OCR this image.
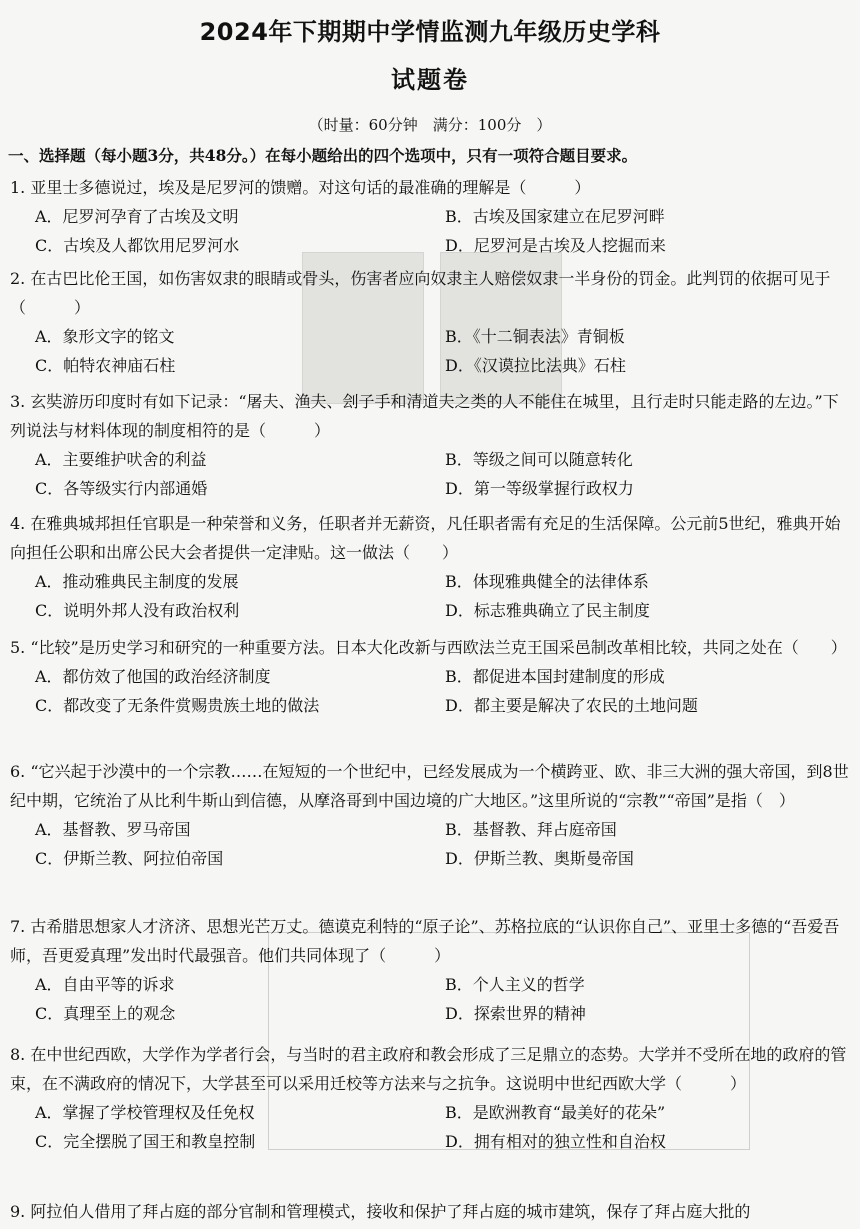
2024年下期期中学情监测九年级历史学科
试题卷
（时量：60分钟　满分：100分　）
一、选择题（每小题3分，共48分。）在每小题给出的四个选项中，只有一项符合题目要求。
1. 亚里士多德说过，埃及是尼罗河的馈赠。对这句话的最准确的理解是（　　　）
A．尼罗河孕育了古埃及文明	B．古埃及国家建立在尼罗河畔
C．古埃及人都饮用尼罗河水	D．尼罗河是古埃及人挖掘而来
2. 在古巴比伦王国，如伤害奴隶的眼睛或骨头，伤害者应向奴隶主人赔偿奴隶一半身份的罚金。此判罚的依据可见于（　　　）
A．象形文字的铭文	B．《十二铜表法》青铜板
C．帕特农神庙石柱	D．《汉谟拉比法典》石柱
3. 玄奘游历印度时有如下记录：“屠夫、渔夫、刽子手和清道夫之类的人不能住在城里，且行走时只能走路的左边。”下列说法与材料体现的制度相符的是（　　　）
A．主要维护吠舍的利益	B．等级之间可以随意转化
C．各等级实行内部通婚	D．第一等级掌握行政权力
4. 在雅典城邦担任官职是一种荣誉和义务，任职者并无薪资，凡任职者需有充足的生活保障。公元前5世纪，雅典开始向担任公职和出席公民大会者提供一定津贴。这一做法（　　）
A．推动雅典民主制度的发展	B．体现雅典健全的法律体系
C．说明外邦人没有政治权利	D．标志雅典确立了民主制度
5. “比较”是历史学习和研究的一种重要方法。日本大化改新与西欧法兰克王国采邑制改革相比较，共同之处在（　　）
A．都仿效了他国的政治经济制度	B．都促进本国封建制度的形成
C．都改变了无条件赏赐贵族土地的做法	D．都主要是解决了农民的土地问题
6. “它兴起于沙漠中的一个宗教……在短短的一个世纪中，已经发展成为一个横跨亚、欧、非三大洲的强大帝国，到8世纪中期，它统治了从比利牛斯山到信德，从摩洛哥到中国边境的广大地区。”这里所说的“宗教”“帝国”是指（　）
A．基督教、罗马帝国	B．基督教、拜占庭帝国
C．伊斯兰教、阿拉伯帝国	D．伊斯兰教、奥斯曼帝国
7. 古希腊思想家人才济济、思想光芒万丈。德谟克利特的“原子论”、苏格拉底的“认识你自己”、亚里士多德的“吾爱吾师，吾更爱真理”发出时代最强音。他们共同体现了（　　　）
A．自由平等的诉求	B．个人主义的哲学
C．真理至上的观念	D．探索世界的精神
8. 在中世纪西欧，大学作为学者行会，与当时的君主政府和教会形成了三足鼎立的态势。大学并不受所在地的政府的管束，在不满政府的情况下，大学甚至可以采用迁校等方法来与之抗争。这说明中世纪西欧大学（　　　）
A．掌握了学校管理权及任免权	B．是欧洲教育“最美好的花朵”
C．完全摆脱了国王和教皇控制	D．拥有相对的独立性和自治权
9. 阿拉伯人借用了拜占庭的部分官制和管理模式，接收和保护了拜占庭的城市建筑，保存了拜占庭大批的
